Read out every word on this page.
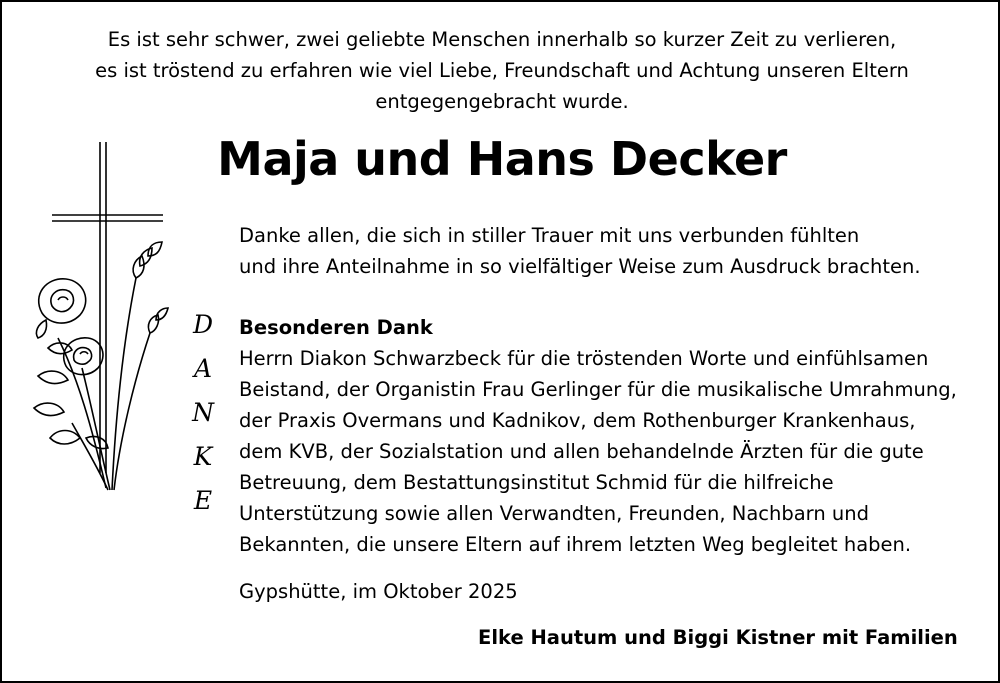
Es ist sehr schwer, zwei geliebte Menschen innerhalb so kurzer Zeit zu verlieren,
es ist tröstend zu erfahren wie viel Liebe, Freundschaft und Achtung unseren Eltern
entgegengebracht wurde.
Maja und Hans Decker
Danke allen, die sich in stiller Trauer mit uns verbunden fühlten
und ihre Anteilnahme in so vielfältiger Weise zum Ausdruck brachten.
D
A
N
K
E
Besonderen Dank
Herrn Diakon Schwarzbeck für die tröstenden Worte und einfühlsamen
Beistand, der Organistin Frau Gerlinger für die musikalische Umrahmung,
der Praxis Overmans und Kadnikov, dem Rothenburger Krankenhaus,
dem KVB, der Sozialstation und allen behandelnde Ärzten für die gute
Betreuung, dem Bestattungsinstitut Schmid für die hilfreiche
Unterstützung sowie allen Verwandten, Freunden, Nachbarn und
Bekannten, die unsere Eltern auf ihrem letzten Weg begleitet haben.
Gypshütte, im Oktober 2025
Elke Hautum und Biggi Kistner mit Familien
